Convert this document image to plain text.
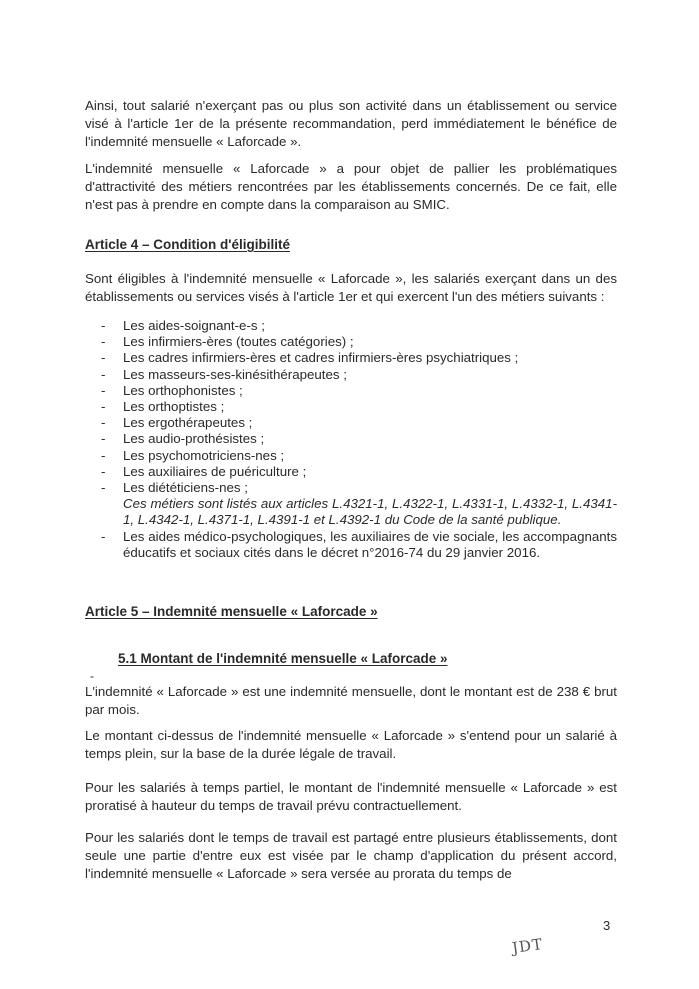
Ainsi, tout salarié n'exerçant pas ou plus son activité dans un établissement ou service visé à l'article 1er de la présente recommandation, perd immédiatement le bénéfice de l'indemnité mensuelle « Laforcade ».

L'indemnité mensuelle « Laforcade » a pour objet de pallier les problématiques d'attractivité des métiers rencontrées par les établissements concernés. De ce fait, elle n'est pas à prendre en compte dans la comparaison au SMIC.

Article 4 – Condition d'éligibilité

Sont éligibles à l'indemnité mensuelle « Laforcade », les salariés exerçant dans un des établissements ou services visés à l'article 1er et qui exercent l'un des métiers suivants :

- Les aides-soignant-e-s ;
- Les infirmiers-ères (toutes catégories) ;
- Les cadres infirmiers-ères et cadres infirmiers-ères psychiatriques ;
- Les masseurs-ses-kinésithérapeutes ;
- Les orthophonistes ;
- Les orthoptistes ;
- Les ergothérapeutes ;
- Les audio-prothésistes ;
- Les psychomotriciens-nes ;
- Les auxiliaires de puériculture ;
- Les diététiciens-nes ;
Ces métiers sont listés aux articles L.4321-1, L.4322-1, L.4331-1, L.4332-1, L.4341-1, L.4342-1, L.4371-1, L.4391-1 et L.4392-1 du Code de la santé publique.
- Les aides médico-psychologiques, les auxiliaires de vie sociale, les accompagnants éducatifs et sociaux cités dans le décret n°2016-74 du 29 janvier 2016.
Article 5 – Indemnité mensuelle « Laforcade »
5.1 Montant de l'indemnité mensuelle « Laforcade »
-

L'indemnité « Laforcade » est une indemnité mensuelle, dont le montant est de 238 € brut par mois.

Le montant ci-dessus de l'indemnité mensuelle « Laforcade » s'entend pour un salarié à temps plein, sur la base de la durée légale de travail.

Pour les salariés à temps partiel, le montant de l'indemnité mensuelle « Laforcade » est proratisé à hauteur du temps de travail prévu contractuellement.

Pour les salariés dont le temps de travail est partagé entre plusieurs établissements, dont seule une partie d'entre eux est visée par le champ d'application du présent accord, l'indemnité mensuelle « Laforcade » sera versée au prorata du temps de

3
JDT
